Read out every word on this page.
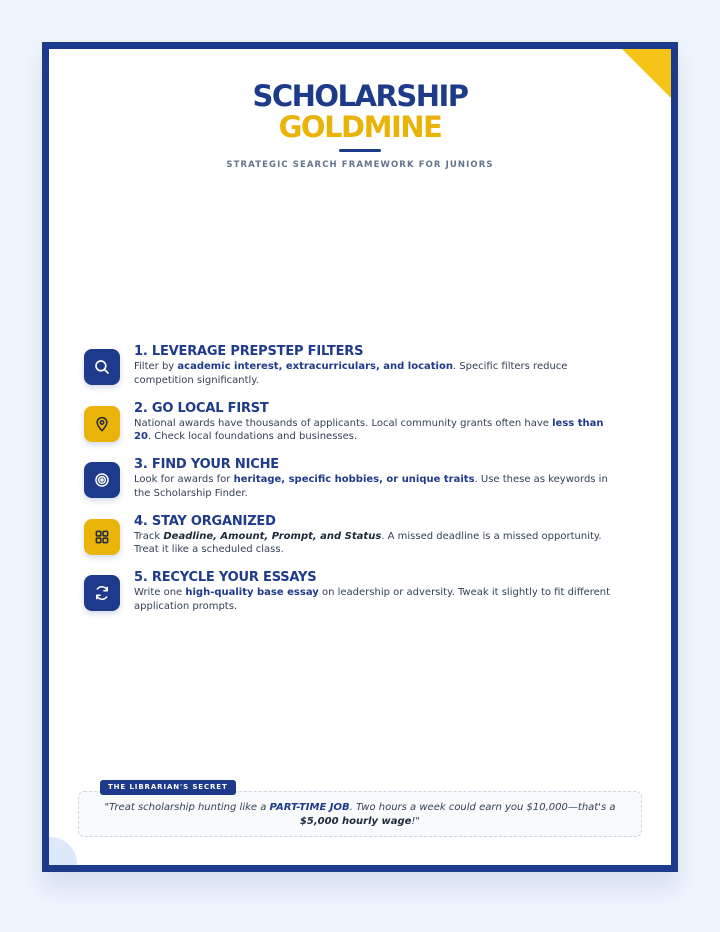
SCHOLARSHIP
GOLDMINE
STRATEGIC SEARCH FRAMEWORK FOR JUNIORS
1. LEVERAGE PREPSTEP FILTERS
Filter by academic interest, extracurriculars, and location. Specific filters reduce competition significantly.
2. GO LOCAL FIRST
National awards have thousands of applicants. Local community grants often have less than 20. Check local foundations and businesses.
3. FIND YOUR NICHE
Look for awards for heritage, specific hobbies, or unique traits. Use these as keywords in the Scholarship Finder.
4. STAY ORGANIZED
Track Deadline, Amount, Prompt, and Status. A missed deadline is a missed opportunity. Treat it like a scheduled class.
5. RECYCLE YOUR ESSAYS
Write one high-quality base essay on leadership or adversity. Tweak it slightly to fit different application prompts.
THE LIBRARIAN'S SECRET
"Treat scholarship hunting like a PART-TIME JOB. Two hours a week could earn you $10,000—that's a $5,000 hourly wage!"
